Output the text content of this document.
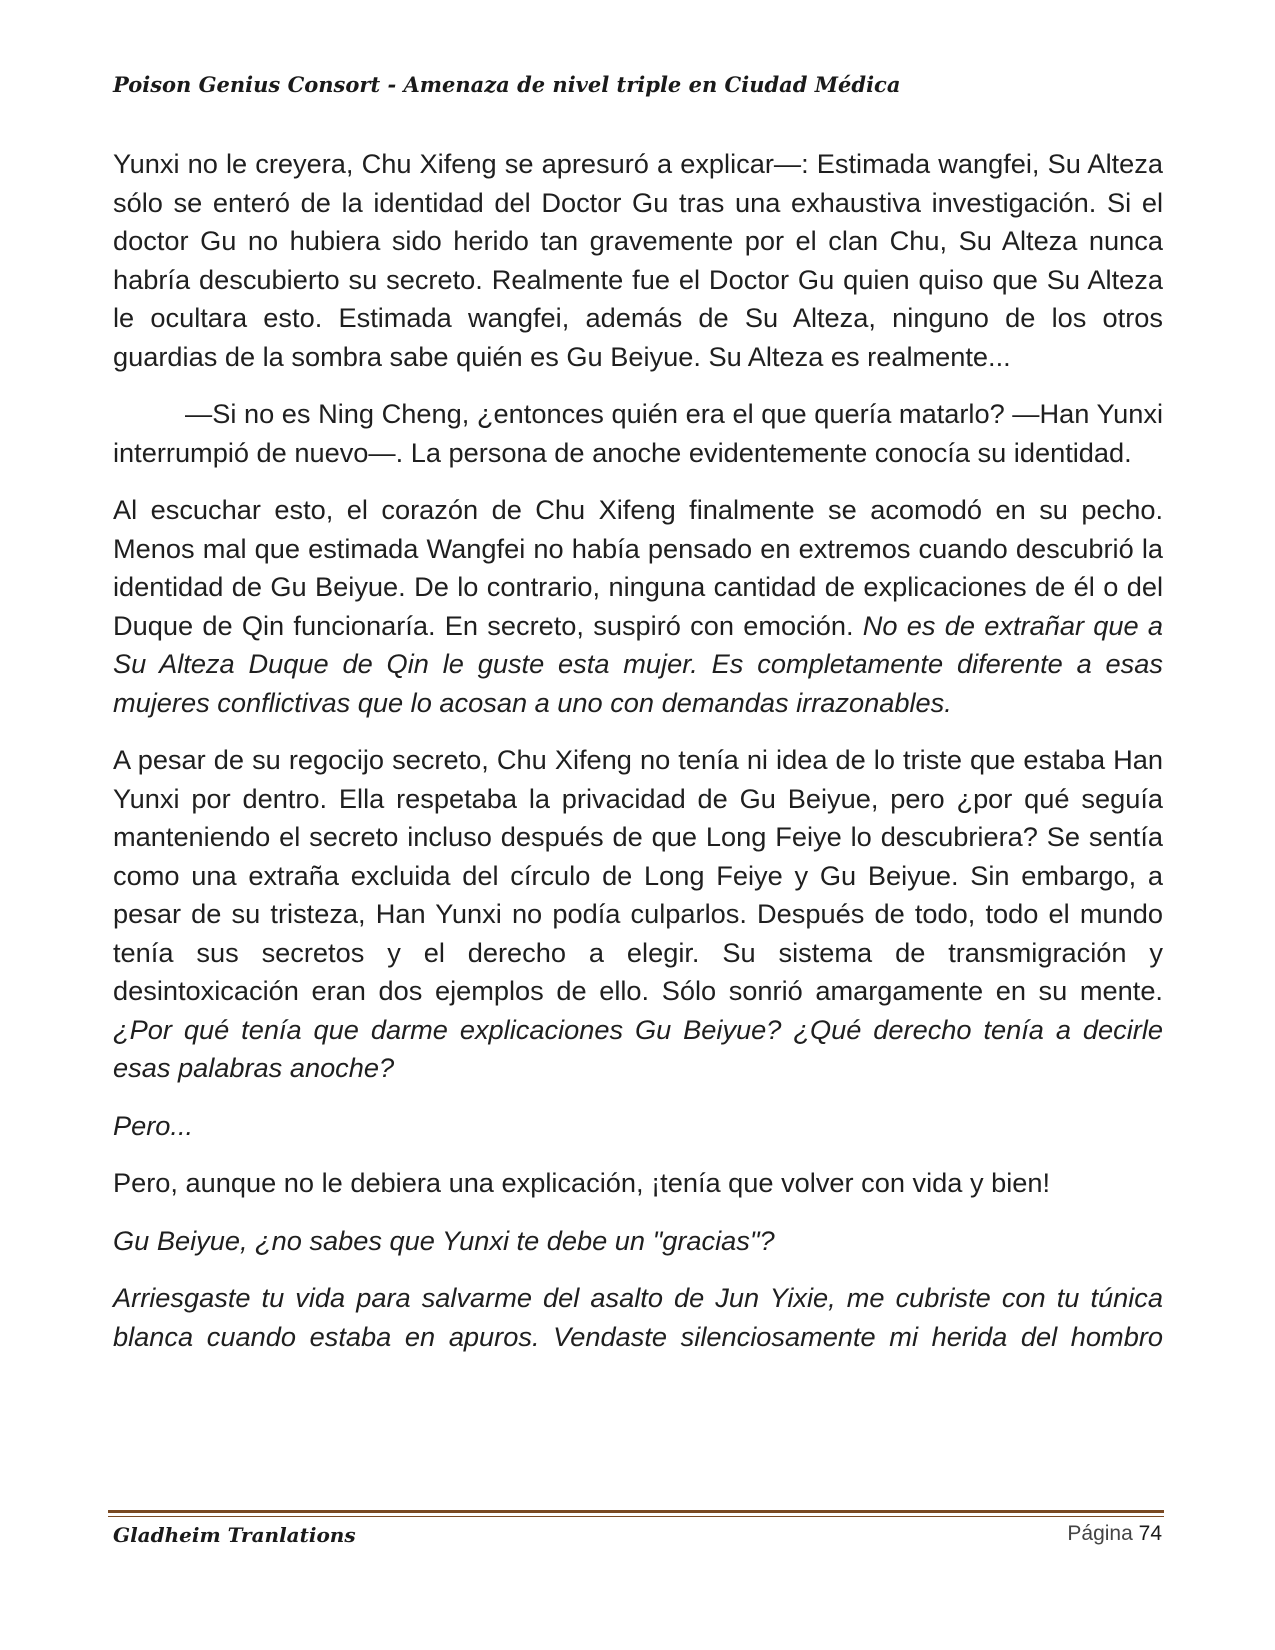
Poison Genius Consort - Amenaza de nivel triple en Ciudad Médica

Yunxi no le creyera, Chu Xifeng se apresuró a explicar—: Estimada wangfei, Su Alteza sólo se enteró de la identidad del Doctor Gu tras una exhaustiva investigación. Si el doctor Gu no hubiera sido herido tan gravemente por el clan Chu, Su Alteza nunca habría descubierto su secreto. Realmente fue el Doctor Gu quien quiso que Su Alteza le ocultara esto. Estimada wangfei, además de Su Alteza, ninguno de los otros guardias de la sombra sabe quién es Gu Beiyue. Su Alteza es realmente...

—Si no es Ning Cheng, ¿entonces quién era el que quería matarlo? —Han Yunxi interrumpió de nuevo—. La persona de anoche evidentemente conocía su identidad.

Al escuchar esto, el corazón de Chu Xifeng finalmente se acomodó en su pecho. Menos mal que estimada Wangfei no había pensado en extremos cuando descubrió la identidad de Gu Beiyue. De lo contrario, ninguna cantidad de explicaciones de él o del Duque de Qin funcionaría. En secreto, suspiró con emoción. No es de extrañar que a Su Alteza Duque de Qin le guste esta mujer. Es completamente diferente a esas mujeres conflictivas que lo acosan a uno con demandas irrazonables.

A pesar de su regocijo secreto, Chu Xifeng no tenía ni idea de lo triste que estaba Han Yunxi por dentro. Ella respetaba la privacidad de Gu Beiyue, pero ¿por qué seguía manteniendo el secreto incluso después de que Long Feiye lo descubriera? Se sentía como una extraña excluida del círculo de Long Feiye y Gu Beiyue. Sin embargo, a pesar de su tristeza, Han Yunxi no podía culparlos. Después de todo, todo el mundo tenía sus secretos y el derecho a elegir. Su sistema de transmigración y desintoxicación eran dos ejemplos de ello. Sólo sonrió amargamente en su mente. ¿Por qué tenía que darme explicaciones Gu Beiyue? ¿Qué derecho tenía a decirle esas palabras anoche?

Pero...

Pero, aunque no le debiera una explicación, ¡tenía que volver con vida y bien!

Gu Beiyue, ¿no sabes que Yunxi te debe un "gracias"?

Arriesgaste tu vida para salvarme del asalto de Jun Yixie, me cubriste con tu túnica blanca cuando estaba en apuros. Vendaste silenciosamente mi herida del hombro

Gladheim Tranlations	Página 74
